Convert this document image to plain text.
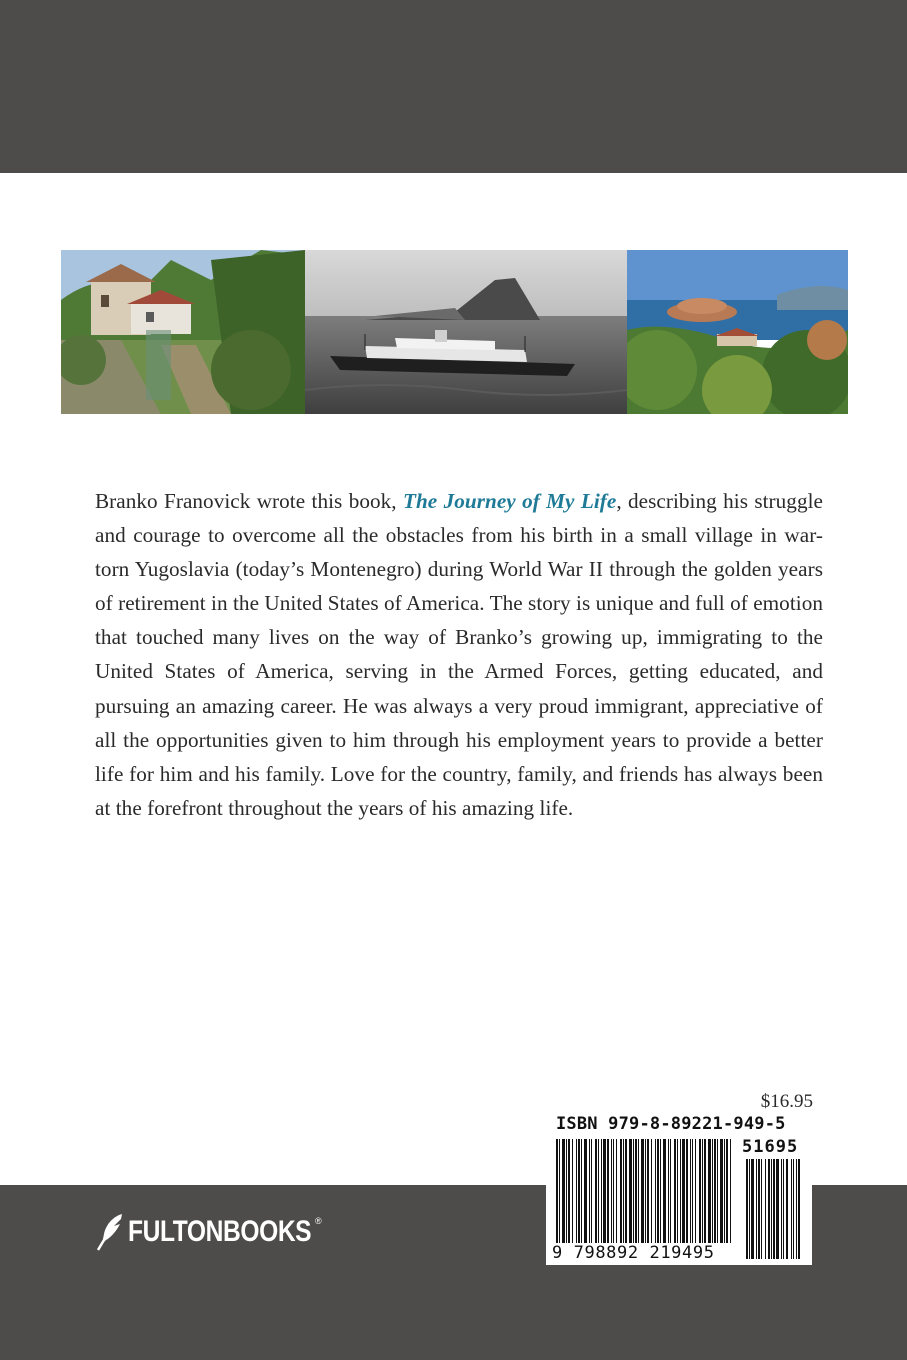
Branko Franovick wrote this book, The Journey of My Life, describing his struggle and courage to overcome all the obstacles from his birth in a small village in war-torn Yugoslavia (today’s Montenegro) during World War II through the golden years of retirement in the United States of America. The story is unique and full of emotion that touched many lives on the way of Branko’s growing up, immigrating to the United States of America, serving in the Armed Forces, getting educated, and pursuing an amazing career. He was always a very proud immigrant, appreciative of all the opportunities given to him through his employment years to provide a better life for him and his family. Love for the country, family, and friends has always been at the forefront throughout the years of his amazing life.
$16.95
ISBN 979-8-89221-949-5
51695
9 798892 219495
FULTONBOOKS ®
